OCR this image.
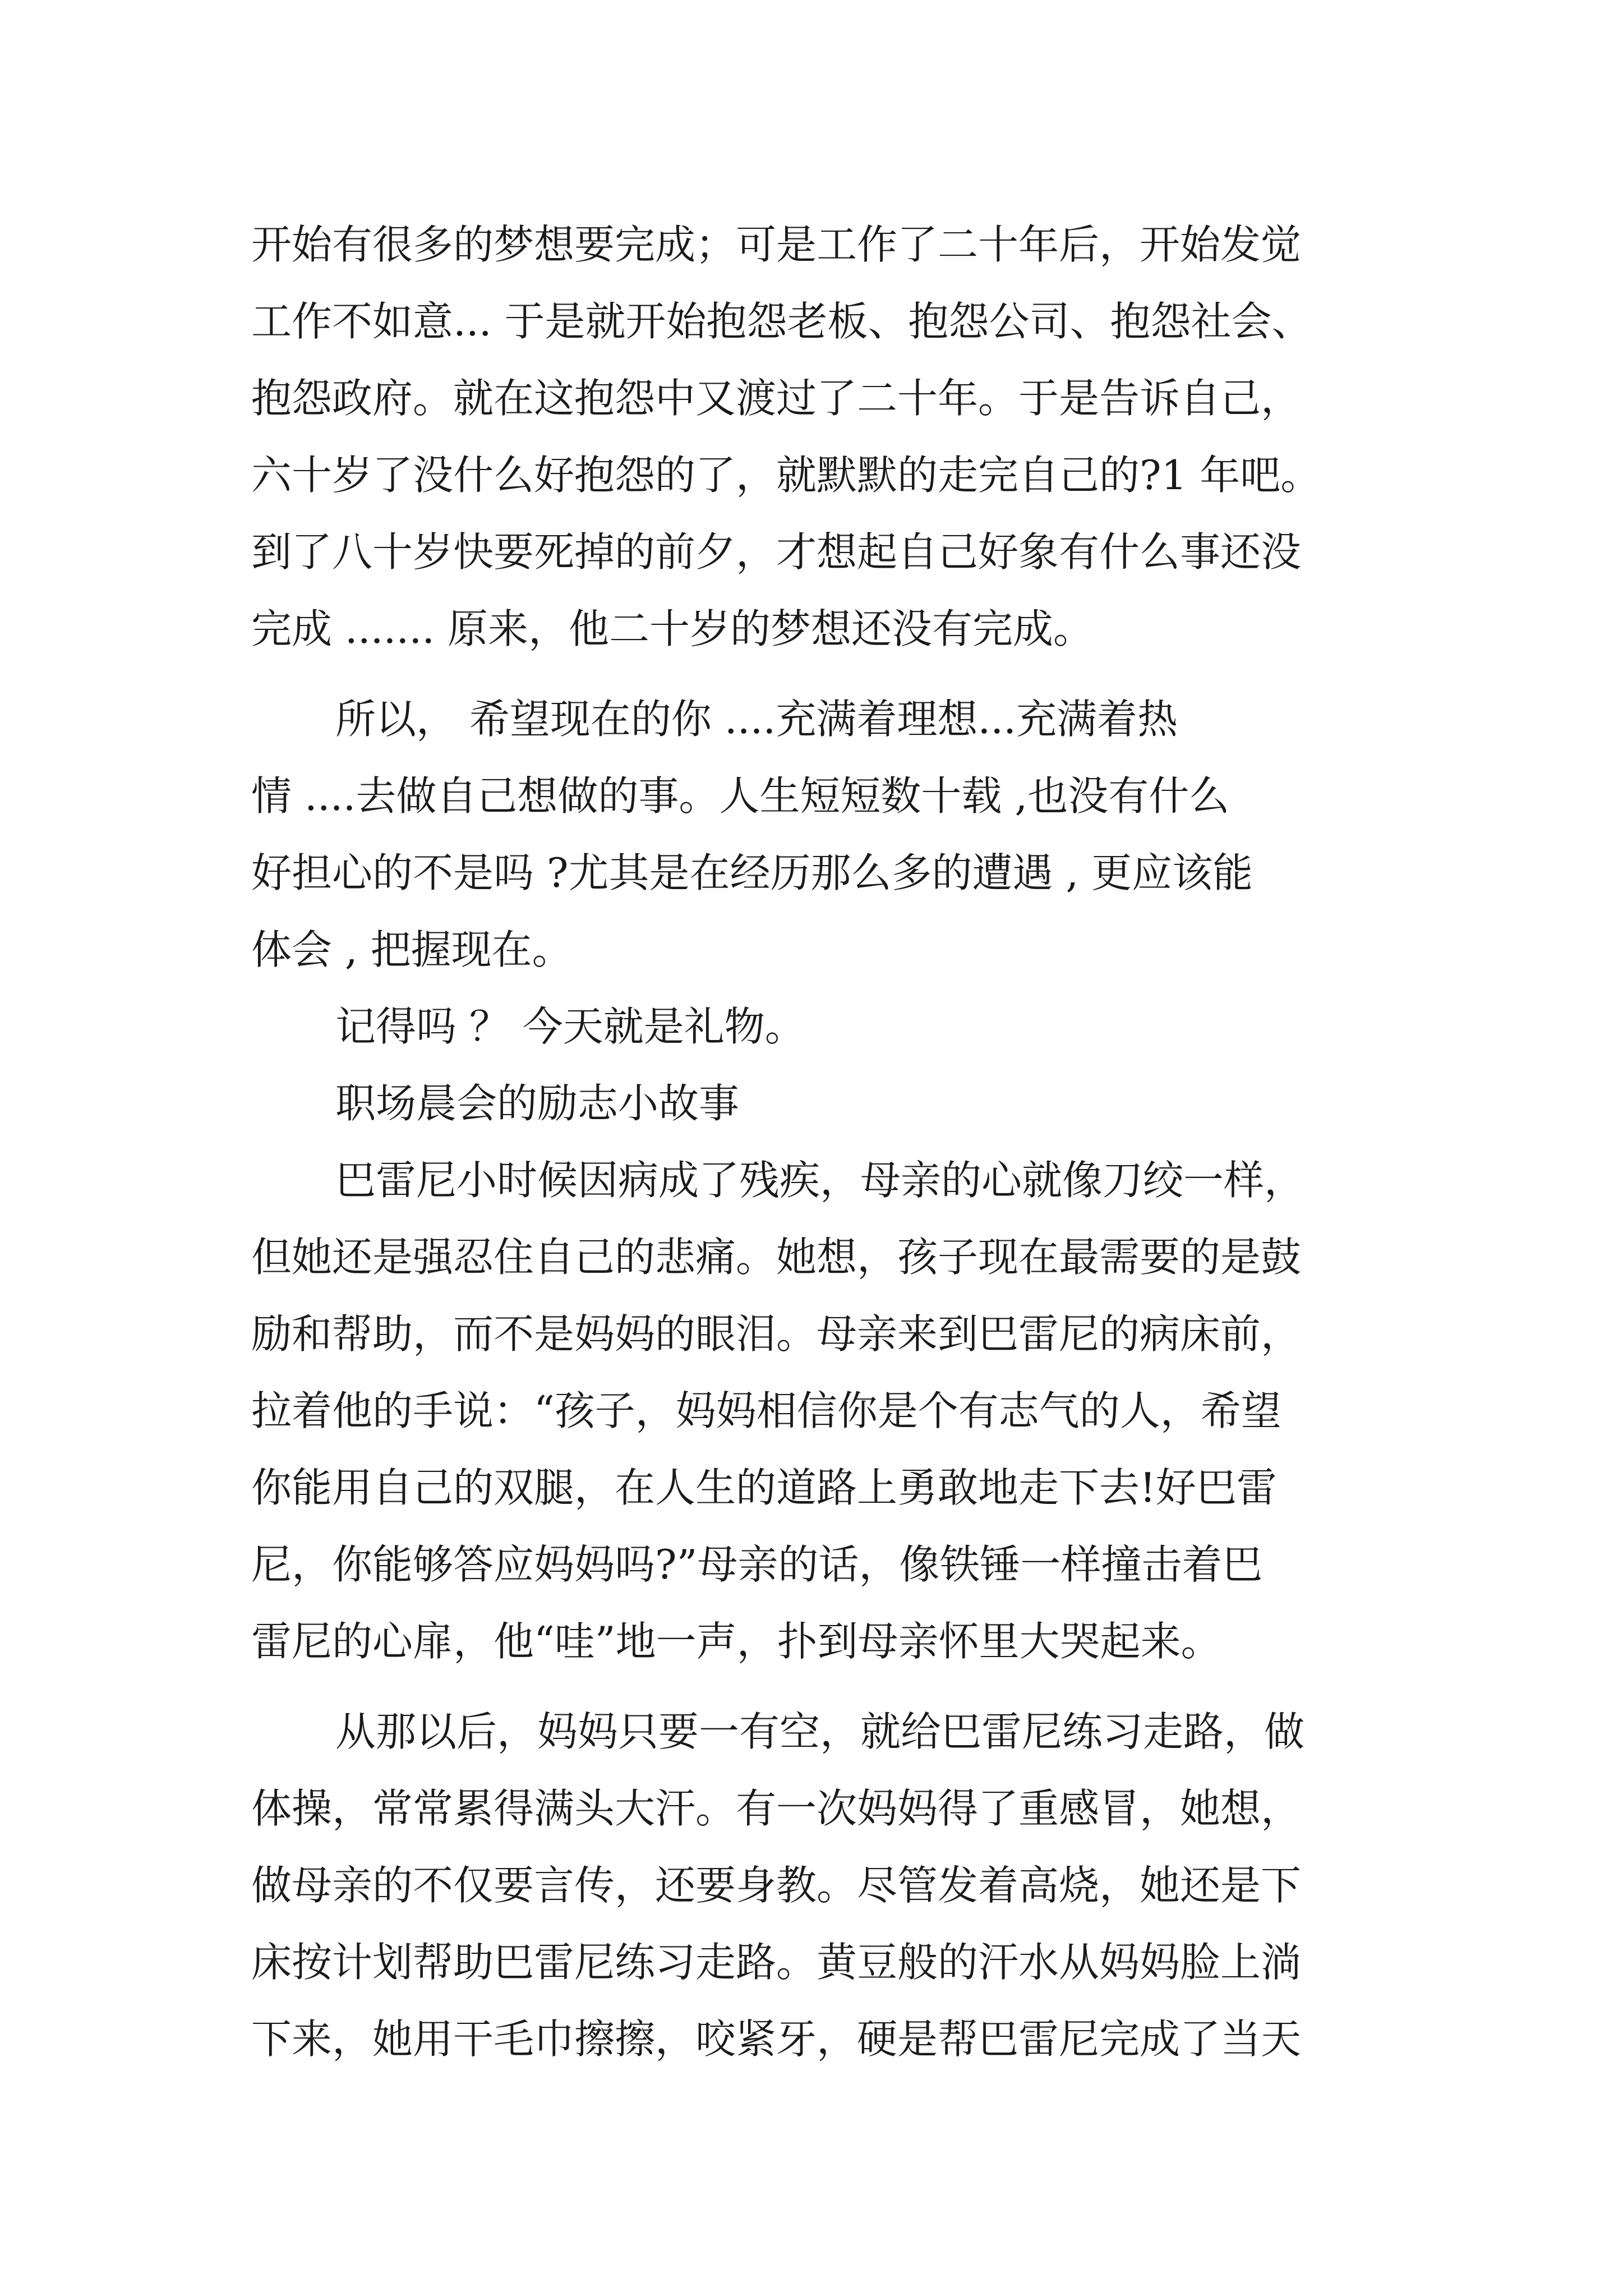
开始有很多的梦想要完成；可是工作了二十年后，开始发觉
工作不如意... 于是就开始抱怨老板、抱怨公司、抱怨社会、
抱怨政府。就在这抱怨中又渡过了二十年。于是告诉自己，
六十岁了没什么好抱怨的了，就默默的走完自己的?1 年吧。
到了八十岁快要死掉的前夕，才想起自己好象有什么事还没
完成 ....... 原来，他二十岁的梦想还没有完成。
所以， 希望现在的你 ....充满着理想...充满着热
情 ....去做自己想做的事。人生短短数十载 ,也没有什么
好担心的不是吗 ?尤其是在经历那么多的遭遇 , 更应该能
体会 , 把握现在。
记得吗 ？ 今天就是礼物。
职场晨会的励志小故事
巴雷尼小时候因病成了残疾，母亲的心就像刀绞一样，
但她还是强忍住自己的悲痛。她想，孩子现在最需要的是鼓
励和帮助，而不是妈妈的眼泪。母亲来到巴雷尼的病床前，
拉着他的手说：“孩子，妈妈相信你是个有志气的人，希望
你能用自己的双腿，在人生的道路上勇敢地走下去!好巴雷
尼，你能够答应妈妈吗?”母亲的话，像铁锤一样撞击着巴
雷尼的心扉，他“哇”地一声，扑到母亲怀里大哭起来。
从那以后，妈妈只要一有空，就给巴雷尼练习走路，做
体操，常常累得满头大汗。有一次妈妈得了重感冒，她想，
做母亲的不仅要言传，还要身教。尽管发着高烧，她还是下
床按计划帮助巴雷尼练习走路。黄豆般的汗水从妈妈脸上淌
下来，她用干毛巾擦擦，咬紧牙，硬是帮巴雷尼完成了当天
